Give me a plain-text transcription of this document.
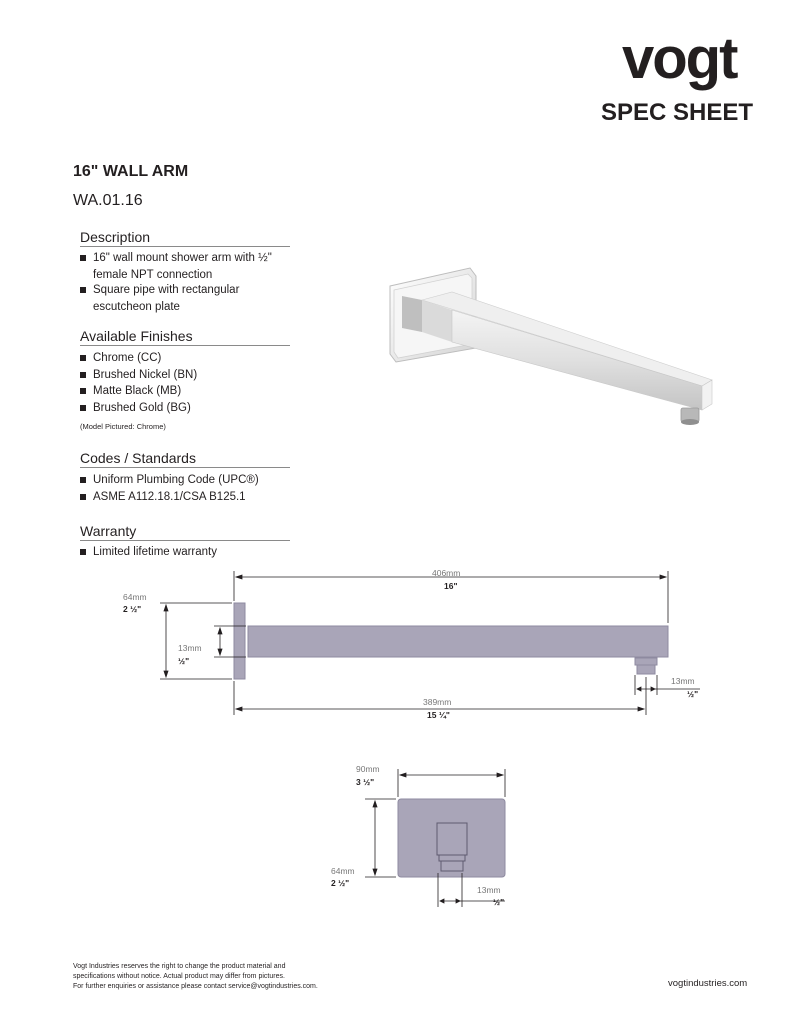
vogt
SPEC SHEET
16" WALL ARM
WA.01.16
Description
16" wall mount shower arm with ½"
female NPT connection
Square pipe with rectangular
escutcheon plate
Available Finishes
Chrome (CC)
Brushed Nickel (BN)
Matte Black (MB)
Brushed Gold (BG)
(Model Pictured: Chrome)
Codes / Standards
Uniform Plumbing Code (UPC®)
ASME A112.18.1/CSA B125.1
Warranty
Limited lifetime warranty
406mm
16"
64mm
2 ½"
13mm
½"
13mm
½"
389mm
15 ¼"
90mm
3 ½"
64mm
2 ½"
13mm
½"
Vogt Industries reserves the right to change the product material and
specifications without notice. Actual product may differ from pictures.
For further enquiries or assistance please contact service@vogtindustries.com.	vogtindustries.com
